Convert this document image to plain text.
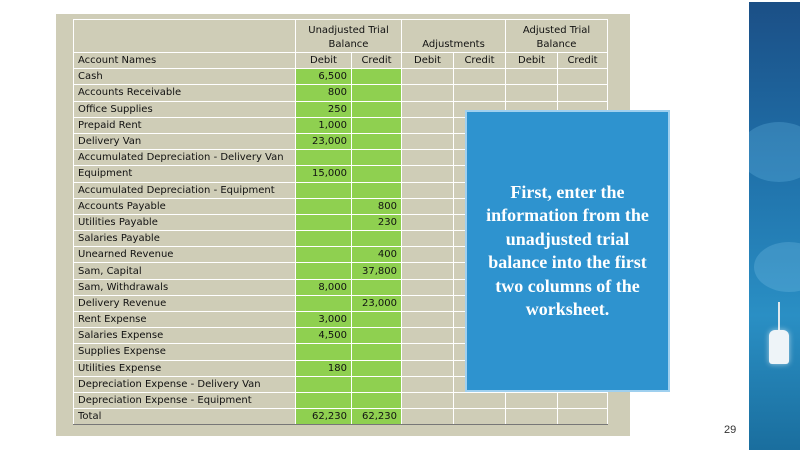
	Unadjusted Trial Balance		Adjustments		Adjusted Trial Balance	
Account Names	Debit	Credit	Debit	Credit	Debit	Credit
Cash	6,500					
Accounts Receivable	800					
Office Supplies	250					
Prepaid Rent	1,000					
Delivery Van	23,000					
Accumulated Depreciation - Delivery Van						
Equipment	15,000					
Accumulated Depreciation - Equipment						
Accounts Payable		800				
Utilities Payable		230				
Salaries Payable						
Unearned Revenue		400				
Sam, Capital		37,800				
Sam, Withdrawals	8,000					
Delivery Revenue		23,000				
Rent Expense	3,000					
Salaries Expense	4,500					
Supplies Expense						
Utilities Expense	180					
Depreciation Expense - Delivery Van						
Depreciation Expense - Equipment						
Total	62,230	62,230				
First, enter the information from the unadjusted trial balance into the first two columns of the worksheet.
29
